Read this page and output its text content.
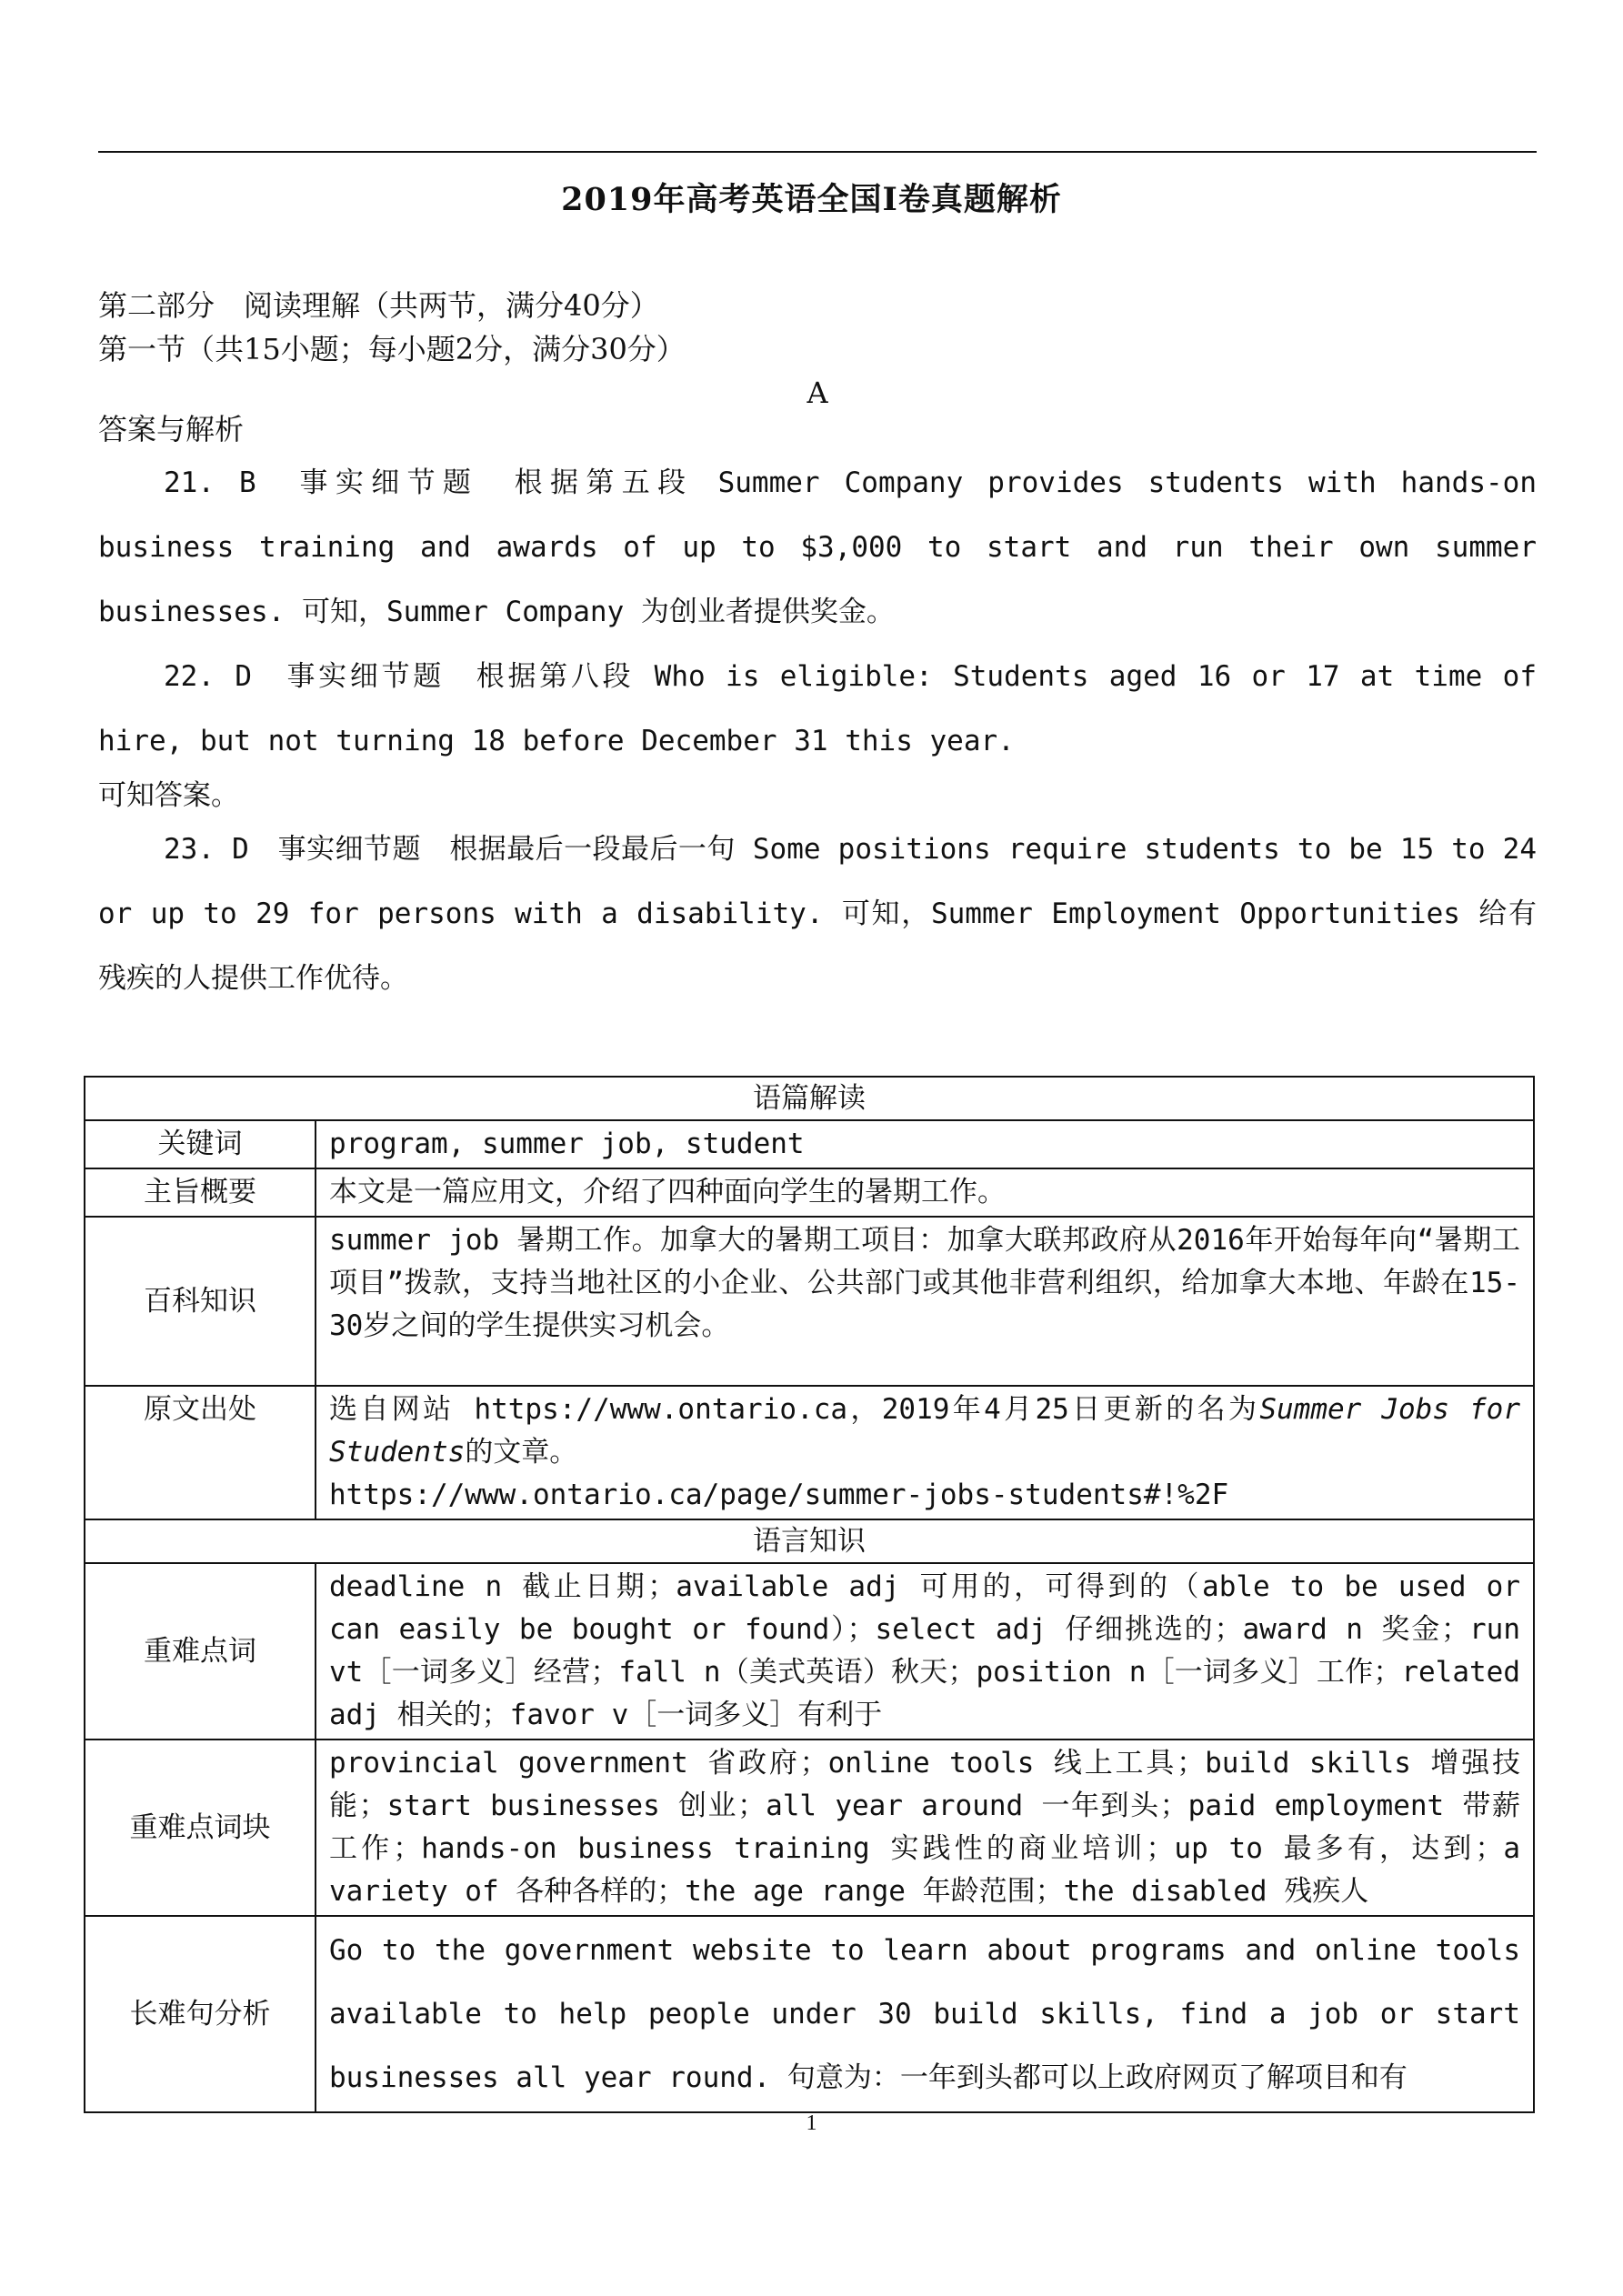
2019年高考英语全国Ⅰ卷真题解析
第二部分　阅读理解（共两节，满分40分）
第一节（共15小题；每小题2分，满分30分）
A
答案与解析

21. B　事实细节题　根据第五段 Summer Company provides students with hands-on business training and awards of up to $3,000 to start and run their own summer businesses. 可知，Summer Company 为创业者提供奖金。

22. D　事实细节题　根据第八段 Who is eligible: Students aged 16 or 17 at time of hire, but not turning 18 before December 31 this year.

可知答案。

23. D　事实细节题　根据最后一段最后一句 Some positions require students to be 15 to 24 or up to 29 for persons with a disability. 可知，Summer Employment Opportunities 给有残疾的人提供工作优待。

语篇解读	
关键词	program, summer job, student
主旨概要	本文是一篇应用文，介绍了四种面向学生的暑期工作。
百科知识	summer job 暑期工作。加拿大的暑期工项目：加拿大联邦政府从2016年开始每年向“暑期工项目”拨款，支持当地社区的小企业、公共部门或其他非营利组织，给加拿大本地、年龄在15-30岁之间的学生提供实习机会。
原文出处	选自网站 https://www.ontario.ca，2019年4月25日更新的名为Summer Jobs for Students的文章。
https://www.ontario.ca/page/summer-jobs-students#!%2F

语言知识	
重难点词	deadline n 截止日期；available adj 可用的，可得到的（able to be used or can easily be bought or found）；select adj 仔细挑选的；award n 奖金；run vt［一词多义］经营；fall n（美式英语）秋天；position n［一词多义］工作；related adj 相关的；favor v［一词多义］有利于
重难点词块	provincial government 省政府；online tools 线上工具；build skills 增强技能；start businesses 创业；all year around 一年到头；paid employment 带薪工作；hands-on business training 实践性的商业培训；up to 最多有，达到；a variety of 各种各样的；the age range 年龄范围；the disabled 残疾人
长难句分析	Go to the government website to learn about programs and online tools available to help people under 30 build skills, find a job or start businesses all year round. 句意为：一年到头都可以上政府网页了解项目和有
1
